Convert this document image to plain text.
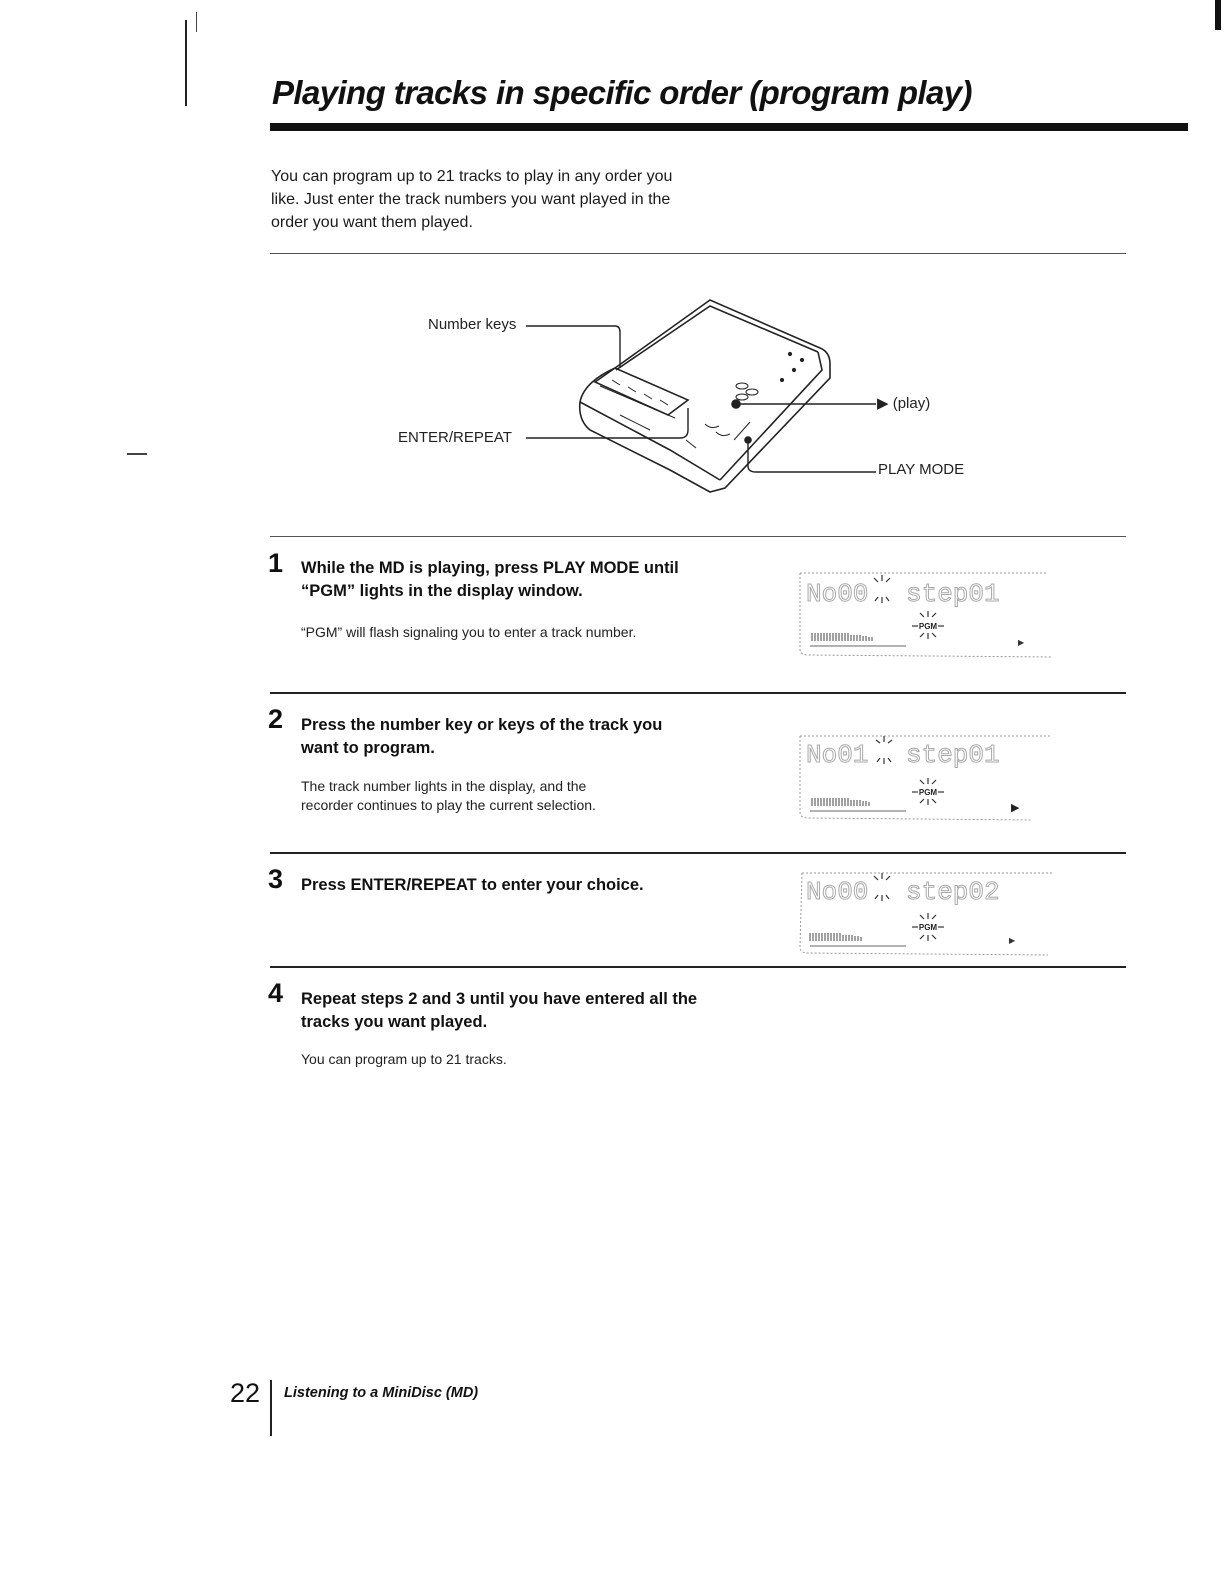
Playing tracks in specific order (program play)
You can program up to 21 tracks to play in any order you like. Just enter the track numbers you want played in the order you want them played.
Number keys
ENTER/REPEAT
▶ (play)
PLAY MODE
1 While the MD is playing, press PLAY MODE until “PGM” lights in the display window.
“PGM” will flash signaling you to enter a track number.
No00 step01
PGM
▶
2 Press the number key or keys of the track you want to program.
The track number lights in the display, and the recorder continues to play the current selection.
No01 step01
PGM
▶
3 Press ENTER/REPEAT to enter your choice.	No00 step02
PGM
▶
4 Repeat steps 2 and 3 until you have entered all the tracks you want played.
You can program up to 21 tracks.
22 Listening to a MiniDisc (MD)
